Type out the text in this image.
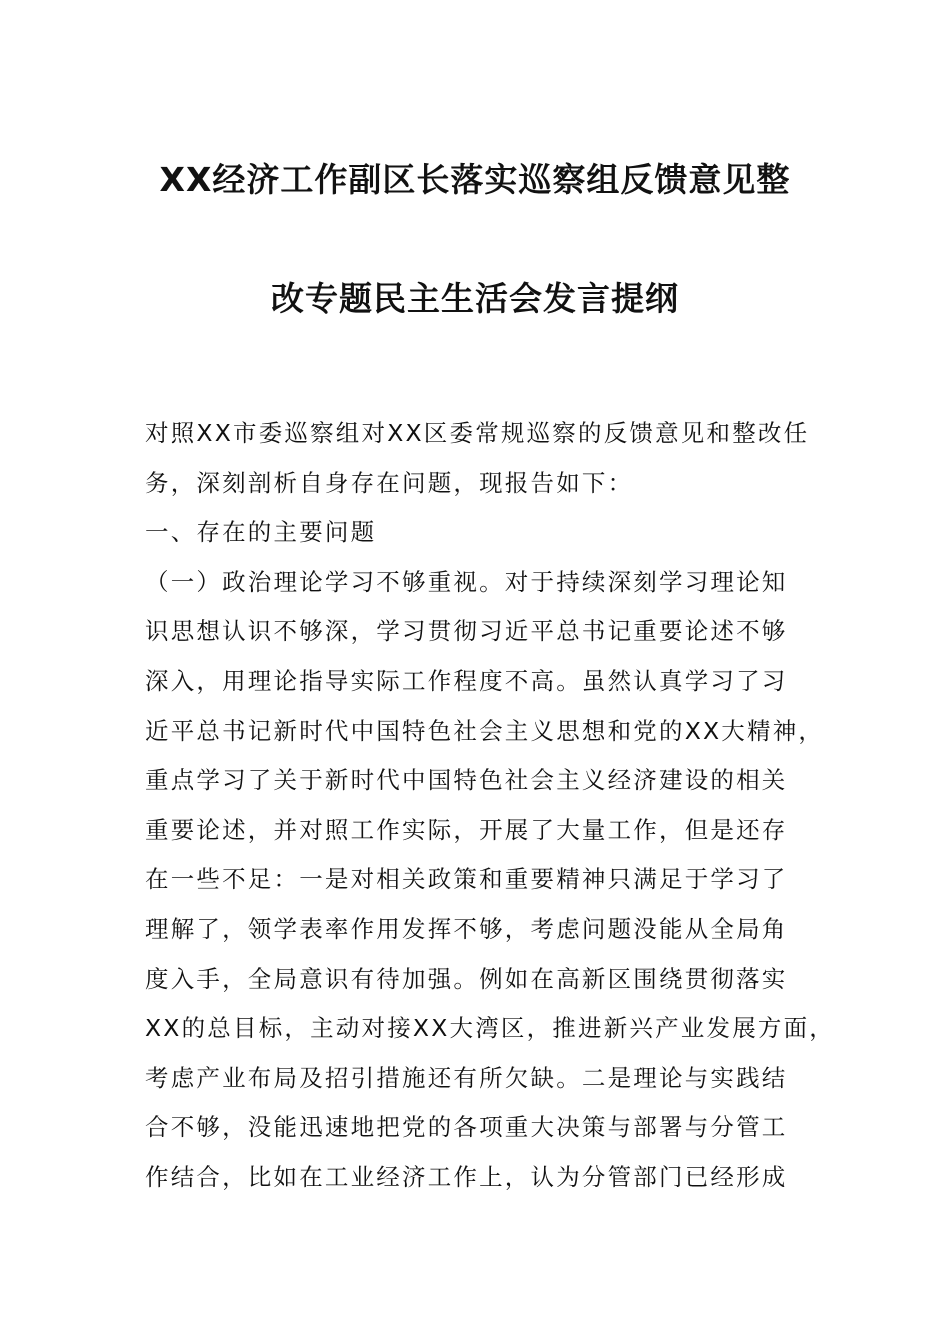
XX经济工作副区长落实巡察组反馈意见整
改专题民主生活会发言提纲
对照XX市委巡察组对XX区委常规巡察的反馈意见和整改任
务，深刻剖析自身存在问题，现报告如下：
一、存在的主要问题
（一）政治理论学习不够重视。对于持续深刻学习理论知
识思想认识不够深，学习贯彻习近平总书记重要论述不够
深入，用理论指导实际工作程度不高。虽然认真学习了习
近平总书记新时代中国特色社会主义思想和党的XX大精神，
重点学习了关于新时代中国特色社会主义经济建设的相关
重要论述，并对照工作实际，开展了大量工作，但是还存
在一些不足：一是对相关政策和重要精神只满足于学习了
理解了，领学表率作用发挥不够，考虑问题没能从全局角
度入手，全局意识有待加强。例如在高新区围绕贯彻落实
XX的总目标，主动对接XX大湾区，推进新兴产业发展方面，
考虑产业布局及招引措施还有所欠缺。二是理论与实践结
合不够，没能迅速地把党的各项重大决策与部署与分管工
作结合，比如在工业经济工作上，认为分管部门已经形成
